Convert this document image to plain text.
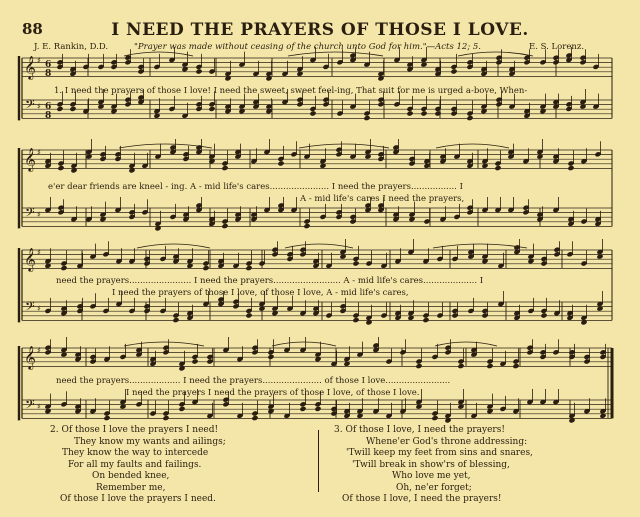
88	I NEED THE PRAYERS OF THOSE I LOVE.
J. E. Rankin, D.D.	"Prayer was made without ceasing of the church unto God for him."—Acts 12; 5.	E. S. Lorenz.
𝄞
𝄢
♯
♯
6
8
6
8
𝄞
𝄢
♯
♯
𝄞
𝄢
♯
♯
𝄞
𝄢
♯
♯
1. I need the prayers of those I love! I need the sweet, sweet feel-ing, That suit for me is urged a-bove, When-
e'er dear friends are kneel - ing. A - mid life's cares...................... I need the prayers................. I
A - mid life's cares I need the prayers,
need the prayers....................... I need the prayers......................... A - mid life's cares.................... I
I need the prayers of those I love, of those I love, A - mid life's cares,
need the prayers................... I need the prayers...................... of those I love........................
I need the prayers I need the prayers of those I love, of those I love.
2. Of those I love the prayers I need!
They know my wants and ailings;
They know the way to intercede
For all my faults and failings.
On bended knee,
Remember me,
Of those I love the prayers I need.
3. Of those I love, I need the prayers!
Whene'er God's throne addressing:
'Twill keep my feet from sins and snares,
'Twill break in show'rs of blessing,
Who love me yet,
Oh, ne'er forget;
Of those I love, I need the prayers!
